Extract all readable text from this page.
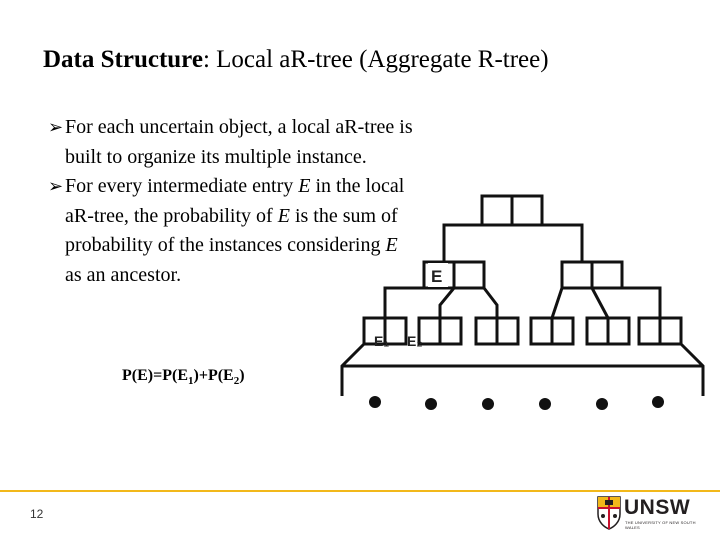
Data Structure: Local aR-tree (Aggregate R-tree)
➢ For each uncertain object, a local aR-tree is built to organize its multiple instance.
➢ For every intermediate entry E in the local aR-tree, the probability of E is the sum of probability of the instances considering E as an ancestor.
$P(E)=P(E_1)+P(E_2)$
E
E₁ E₂
12	UNSW
THE UNIVERSITY OF NEW SOUTH WALES
